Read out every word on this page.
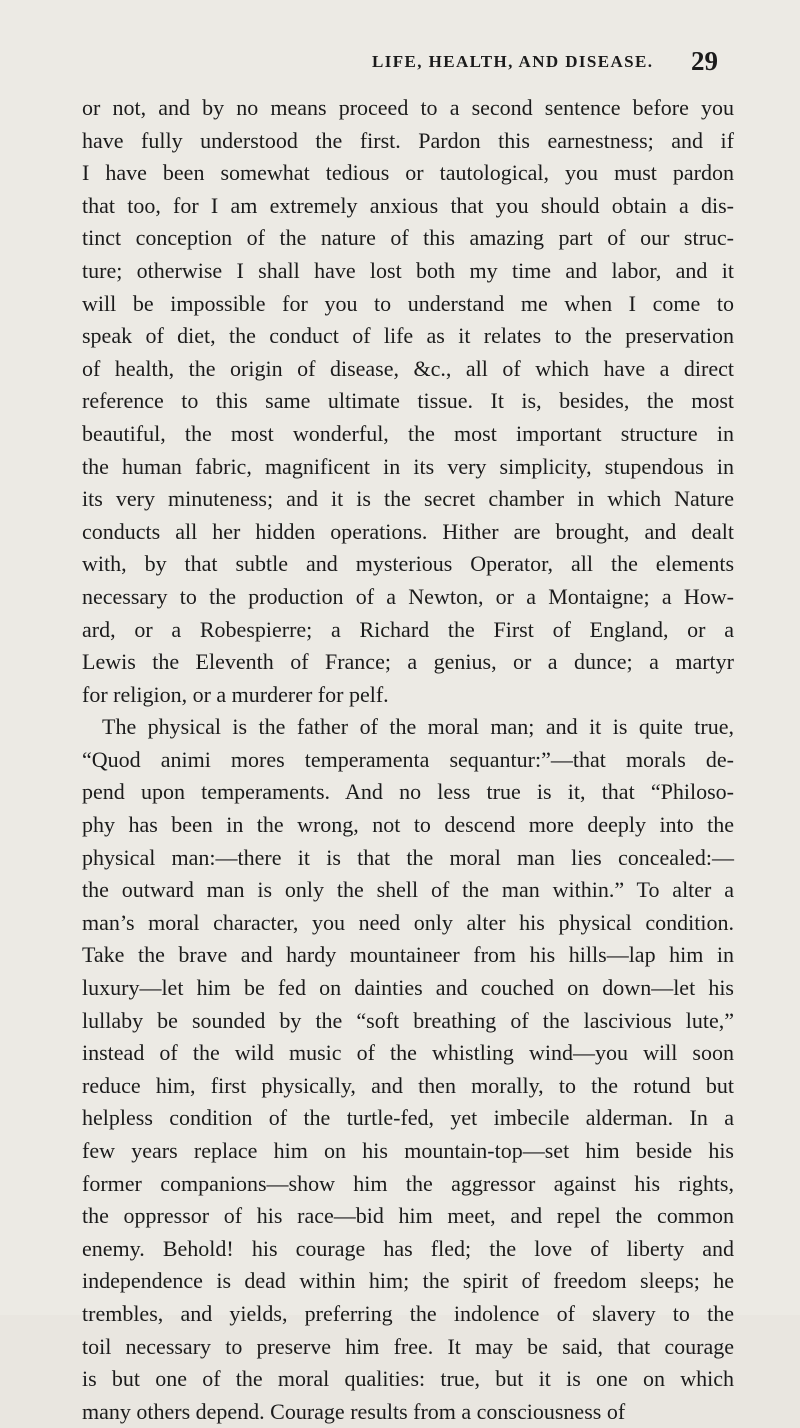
LIFE, HEALTH, AND DISEASE. 29
or not, and by no means proceed to a second sentence before you
have fully understood the first. Pardon this earnestness; and if
I have been somewhat tedious or tautological, you must pardon
that too, for I am extremely anxious that you should obtain a dis-
tinct conception of the nature of this amazing part of our struc-
ture; otherwise I shall have lost both my time and labor, and it
will be impossible for you to understand me when I come to
speak of diet, the conduct of life as it relates to the preservation
of health, the origin of disease, &c., all of which have a direct
reference to this same ultimate tissue. It is, besides, the most
beautiful, the most wonderful, the most important structure in
the human fabric, magnificent in its very simplicity, stupendous in
its very minuteness; and it is the secret chamber in which Nature
conducts all her hidden operations. Hither are brought, and dealt
with, by that subtle and mysterious Operator, all the elements
necessary to the production of a Newton, or a Montaigne; a How-
ard, or a Robespierre; a Richard the First of England, or a
Lewis the Eleventh of France; a genius, or a dunce; a martyr
for religion, or a murderer for pelf.
The physical is the father of the moral man; and it is quite true,
“Quod animi mores temperamenta sequantur:”—that morals de-
pend upon temperaments. And no less true is it, that “Philoso-
phy has been in the wrong, not to descend more deeply into the
physical man:—there it is that the moral man lies concealed:—
the outward man is only the shell of the man within.” To alter a
man’s moral character, you need only alter his physical condition.
Take the brave and hardy mountaineer from his hills—lap him in
luxury—let him be fed on dainties and couched on down—let his
lullaby be sounded by the “soft breathing of the lascivious lute,”
instead of the wild music of the whistling wind—you will soon
reduce him, first physically, and then morally, to the rotund but
helpless condition of the turtle-fed, yet imbecile alderman. In a
few years replace him on his mountain-top—set him beside his
former companions—show him the aggressor against his rights,
the oppressor of his race—bid him meet, and repel the common
enemy. Behold! his courage has fled; the love of liberty and
independence is dead within him; the spirit of freedom sleeps; he
trembles, and yields, preferring the indolence of slavery to the
toil necessary to preserve him free. It may be said, that courage
is but one of the moral qualities: true, but it is one on which
many others depend. Courage results from a consciousness of
